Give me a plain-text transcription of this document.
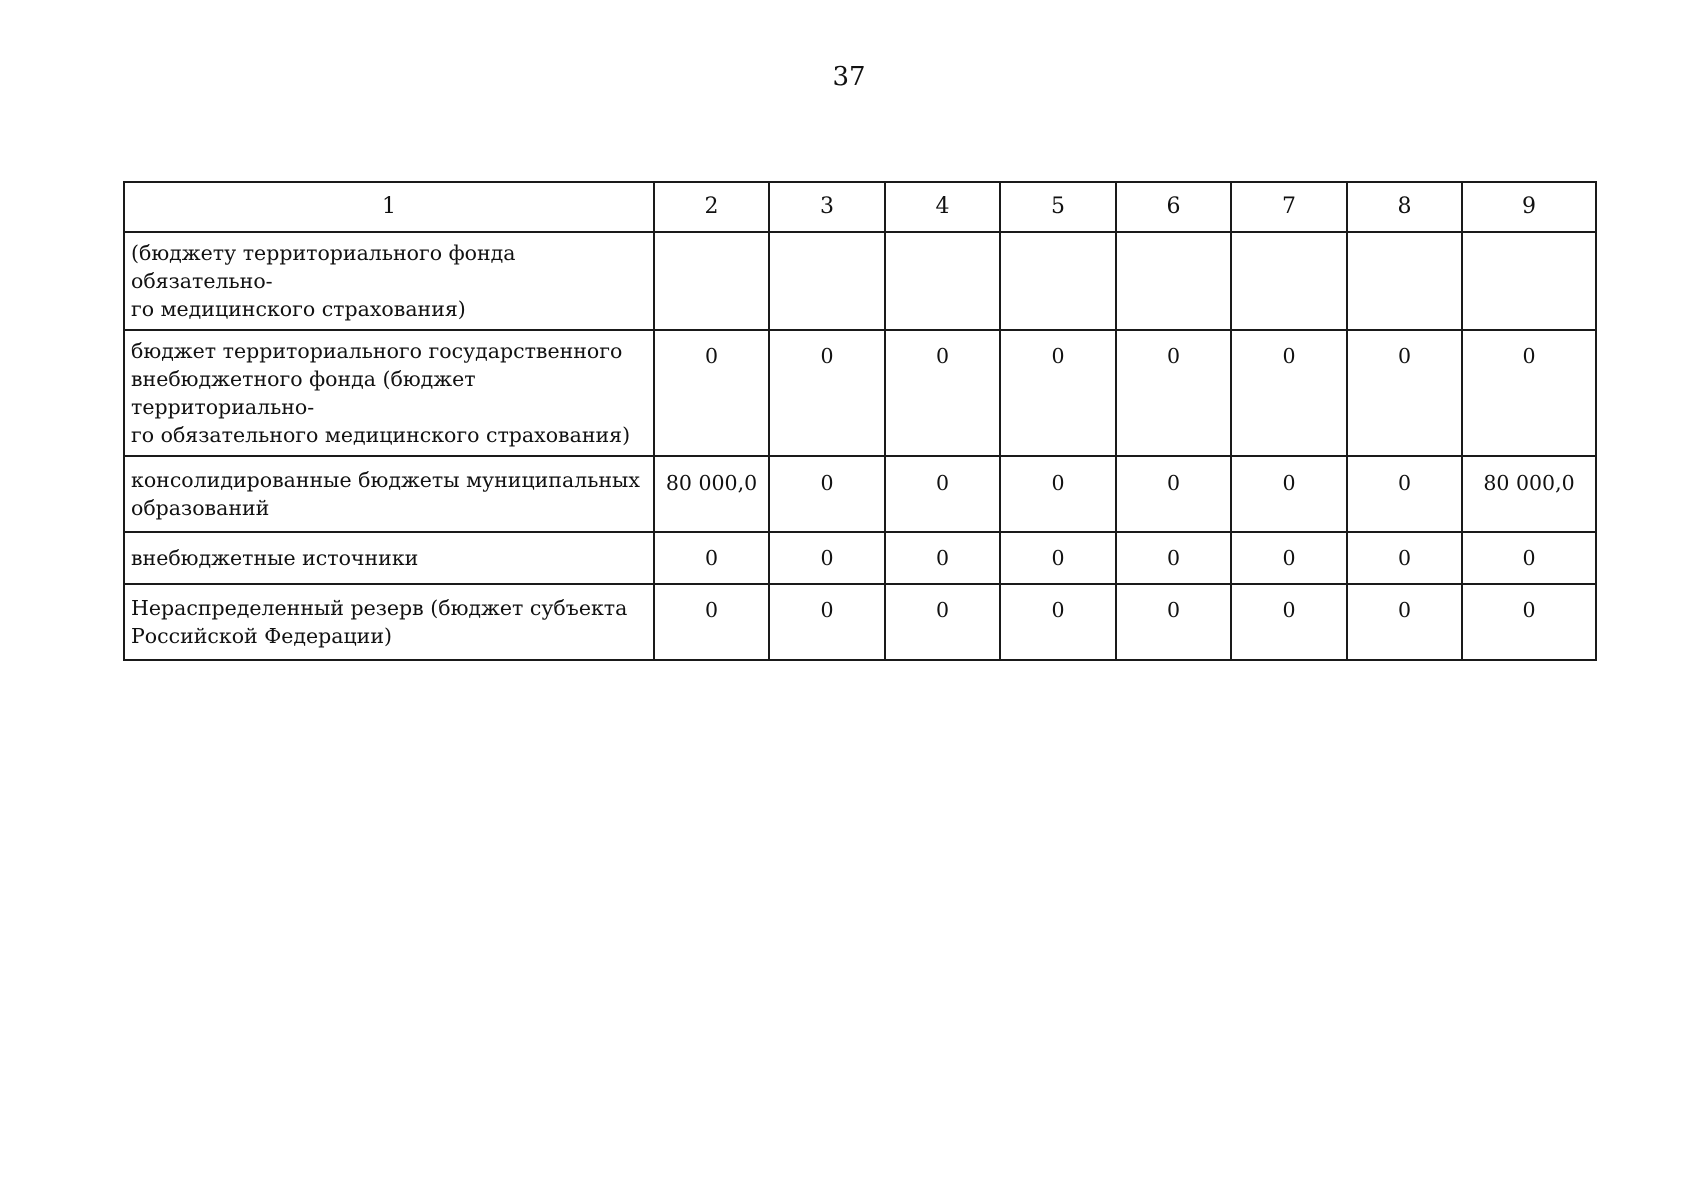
37
1	2	3	4	5	6	7	8	9
(бюджету территориального фонда обязательно-
го медицинского страхования)								
бюджет территориального государственного
внебюджетного фонда (бюджет территориально-
го обязательного медицинского страхования)	0	0	0	0	0	0	0	0
консолидированные бюджеты муниципальных
образований	80 000,0	0	0	0	0	0	0	80 000,0
внебюджетные источники	0	0	0	0	0	0	0	0
Нераспределенный резерв (бюджет субъекта
Российской Федерации)	0	0	0	0	0	0	0	0
